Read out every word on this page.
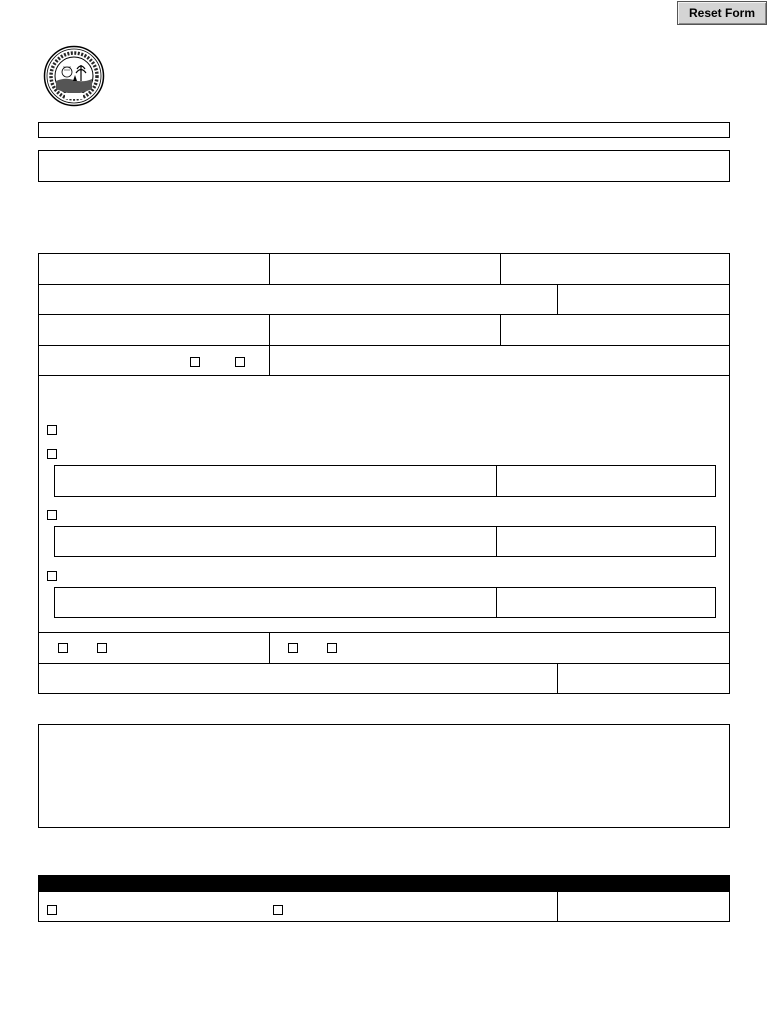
Reset Form
